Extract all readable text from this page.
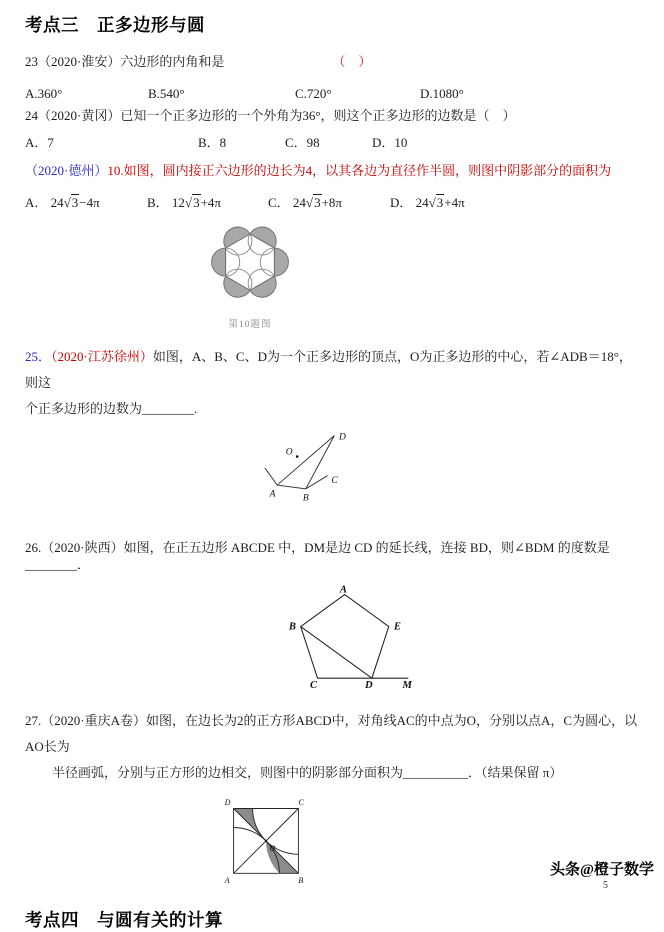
考点三　正多边形与圆
23（2020·淮安）六边形的内角和是	（    ）
A.360°	B.540°	C.720°	D.1080°
24（2020·黄冈）已知一个正多边形的一个外角为36°，则这个正多边形的边数是（　）
A．7	B．8	C．98	D．10
（2020·德州）10.如图，圆内接正六边形的边长为4，以其各边为直径作半圆，则图中阴影部分的面积为
A． 24√3−4π	B． 12√3+4π	C． 24√3+8π	D． 24√3+4π
第10题图
25．（2020·江苏徐州）如图，A、B、C、D为一个正多边形的顶点，O为正多边形的中心，若∠ADB＝18°，则这
个正多边形的边数为________.
O
A	B
C
D
26.（2020·陕西）如图，在正五边形 ABCDE 中，DM是边 CD 的延长线，连接 BD，则∠BDM 的度数是________．
A
B	E
C	D	M
27.（2020·重庆A卷）如图，在边长为2的正方形ABCD中，对角线AC的中点为O，分别以点A，C为圆心，以AO长为
半径画弧，分别与正方形的边相交，则图中的阴影部分面积为__________．（结果保留 π）
D	C
A	B
O
考点四　与圆有关的计算
头条@橙子数学
5
